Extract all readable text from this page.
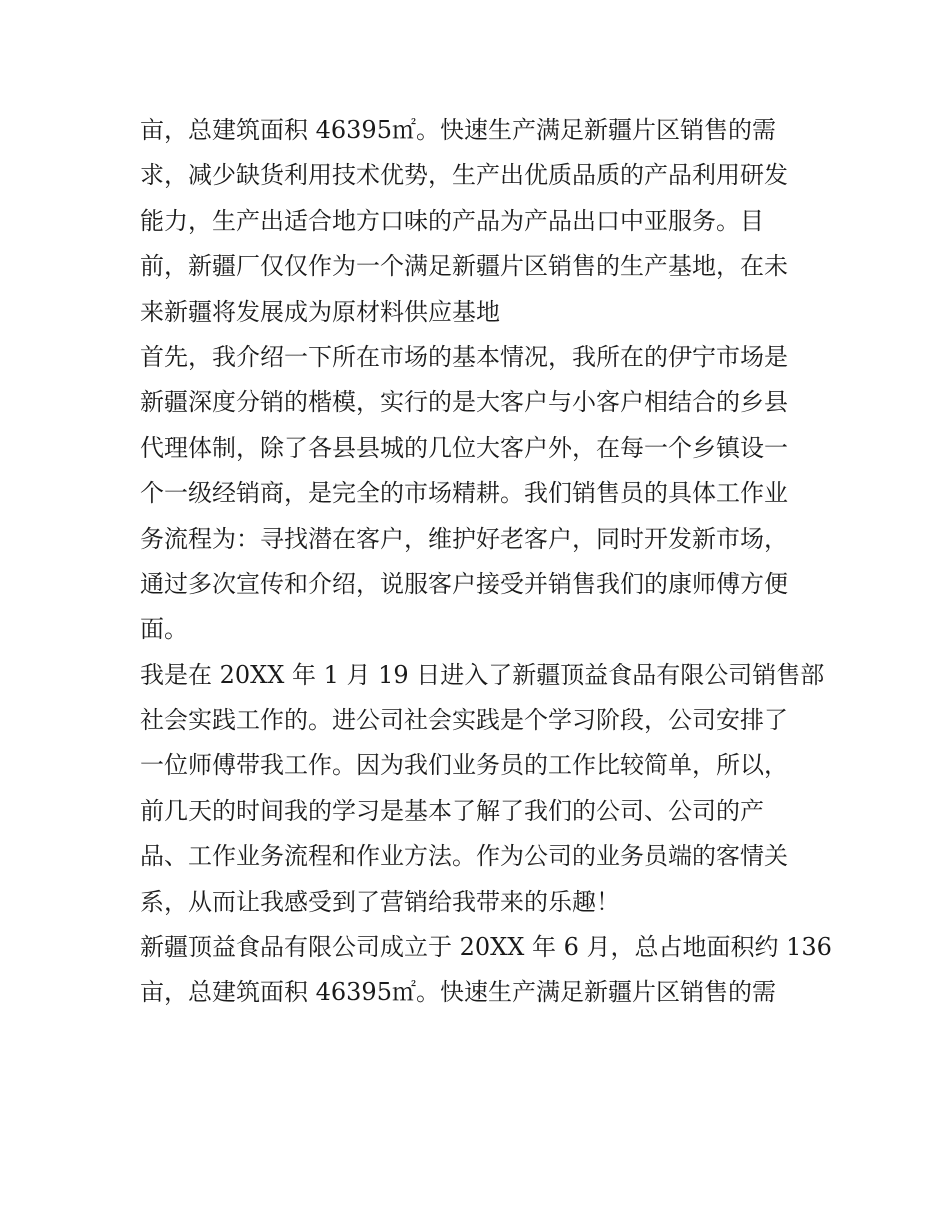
亩，总建筑面积 46395㎡。快速生产满足新疆片区销售的需
求，减少缺货利用技术优势，生产出优质品质的产品利用研发
能力，生产出适合地方口味的产品为产品出口中亚服务。目
前，新疆厂仅仅作为一个满足新疆片区销售的生产基地，在未
来新疆将发展成为原材料供应基地
首先，我介绍一下所在市场的基本情况，我所在的伊宁市场是
新疆深度分销的楷模，实行的是大客户与小客户相结合的乡县
代理体制，除了各县县城的几位大客户外，在每一个乡镇设一
个一级经销商，是完全的市场精耕。我们销售员的具体工作业
务流程为：寻找潜在客户，维护好老客户，同时开发新市场，
通过多次宣传和介绍，说服客户接受并销售我们的康师傅方便
面。
我是在 20XX 年 1 月 19 日进入了新疆顶益食品有限公司销售部
社会实践工作的。进公司社会实践是个学习阶段，公司安排了
一位师傅带我工作。因为我们业务员的工作比较简单，所以，
前几天的时间我的学习是基本了解了我们的公司、公司的产
品、工作业务流程和作业方法。作为公司的业务员端的客情关
系，从而让我感受到了营销给我带来的乐趣！
新疆顶益食品有限公司成立于 20XX 年 6 月，总占地面积约 136
亩，总建筑面积 46395㎡。快速生产满足新疆片区销售的需
